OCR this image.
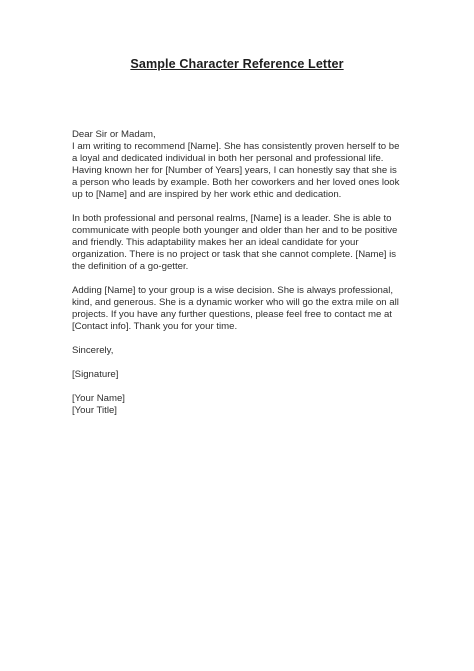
Sample Character Reference Letter
Dear Sir or Madam,
I am writing to recommend [Name]. She has consistently proven herself to be
a loyal and dedicated individual in both her personal and professional life.
Having known her for [Number of Years] years, I can honestly say that she is
a person who leads by example. Both her coworkers and her loved ones look
up to [Name] and are inspired by her work ethic and dedication.
In both professional and personal realms, [Name] is a leader. She is able to
communicate with people both younger and older than her and to be positive
and friendly. This adaptability makes her an ideal candidate for your
organization. There is no project or task that she cannot complete. [Name] is
the definition of a go-getter.
Adding [Name] to your group is a wise decision. She is always professional,
kind, and generous. She is a dynamic worker who will go the extra mile on all
projects. If you have any further questions, please feel free to contact me at
[Contact info]. Thank you for your time.
Sincerely,
[Signature]
[Your Name]
[Your Title]
